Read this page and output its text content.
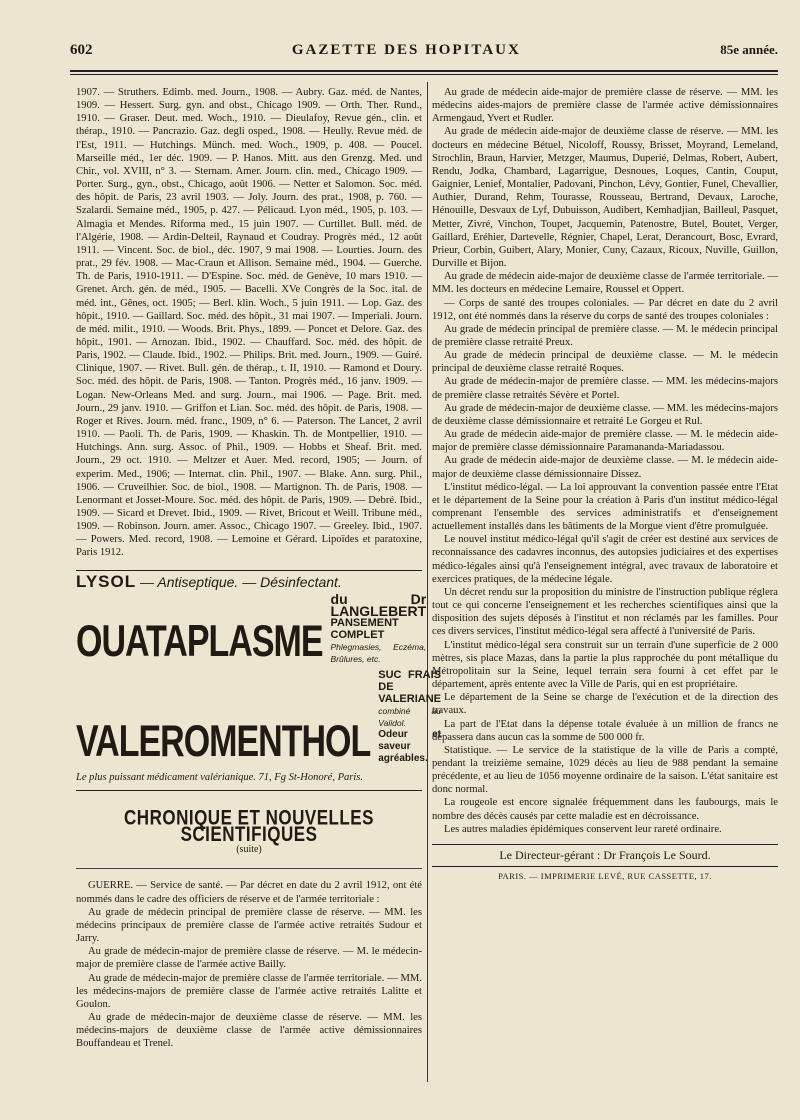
602	GAZETTE DES HOPITAUX	85e année.

1907. — Struthers. Edimb. med. Journ., 1908. — Aubry. Gaz. méd. de Nantes, 1909. — Hessert. Surg. gyn. and obst., Chicago 1909. — Orth. Ther. Rund., 1910. — Graser. Deut. med. Woch., 1910. — Dieulafoy, Revue gén., clin. et thérap., 1910. — Pancrazio. Gaz. degli osped., 1908. — Heully. Revue méd. de l'Est, 1911. — Hutchings. Münch. med. Woch., 1909, p. 408. — Poucel. Marseille méd., 1er déc. 1909. — P. Hanos. Mitt. aus den Grenzg. Med. und Chir., vol. XVIII, n° 3. — Sternam. Amer. Journ. clin. med., Chicago 1909. — Porter. Surg., gyn., obst., Chicago, août 1906. — Netter et Salomon. Soc. méd. des hôpit. de Paris, 23 avril 1903. — Joly. Journ. des prat., 1908, p. 760. — Szalardi. Semaine méd., 1905, p. 427. — Pélicaud. Lyon méd., 1905, p. 103. — Almagia et Mendes. Riforma med., 15 juin 1907. — Curtillet. Bull. méd. de l'Algérie, 1908. — Ardin-Delteil, Raynaud et Coudray. Progrès méd., 12 août 1911. — Vincent. Soc. de biol., déc. 1907, 9 mai 1908. — Lourties. Journ. des prat., 29 fév. 1908. — Mac-Craun et Allison. Semaine méd., 1904. — Guerche. Th. de Paris, 1910-1911. — D'Espine. Soc. méd. de Genève, 10 mars 1910. — Grenet. Arch. gén. de méd., 1905. — Bacelli. XVe Congrès de la Soc. ital. de méd. int., Gênes, oct. 1905; — Berl. klin. Woch., 5 juin 1911. — Lop. Gaz. des hôpit., 1910. — Gaillard. Soc. méd. des hôpit., 31 mai 1907. — Imperiali. Journ. de méd. milit., 1910. — Woods. Brit. Phys., 1899. — Poncet et Delore. Gaz. des hôpit., 1901. — Arnozan. Ibid., 1902. — Chauffard. Soc. méd. des hôpit. de Paris, 1902. — Claude. Ibid., 1902. — Philips. Brit. med. Journ., 1909. — Guiré. Clinique, 1907. — Rivet. Bull. gén. de thérap., t. II, 1910. — Ramond et Doury. Soc. méd. des hôpit. de Paris, 1908. — Tanton. Progrès méd., 16 janv. 1909. — Logan. New-Orleans Med. and surg. Journ., mai 1906. — Page. Brit. med. Journ., 29 janv. 1910. — Griffon et Lian. Soc. méd. des hôpit. de Paris, 1908. — Roger et Rives. Journ. méd. franc., 1909, n° 6. — Paterson. The Lancet, 2 avril 1910. — Paoli. Th. de Paris, 1909. — Khaskin. Th. de Montpellier, 1910. — Hutchings. Ann. surg. Assoc. of Phil., 1909. — Hobbs et Sheaf. Brit. med. Journ., 29 oct. 1910. — Meltzer et Auer. Med. record, 1905; — Journ. of experim. Med., 1906; — Internat. clin. Phil., 1907. — Blake. Ann. surg. Phil., 1906. — Cruveilhier. Soc. de biol., 1908. — Martignon. Th. de Paris, 1908. — Lenormant et Josset-Moure. Soc. méd. des hôpit. de Paris, 1909. — Debré. Ibid., 1909. — Sicard et Drevet. Ibid., 1909. — Rivet, Bricout et Weill. Tribune méd., 1909. — Robinson. Journ. amer. Assoc., Chicago 1907. — Greeley. Ibid., 1907. — Powers. Med. record, 1908. — Lemoine et Gérard. Lipoïdes et paratoxine, Paris 1912.

LYSOL — Antiseptique. — Désinfectant.
OUATAPLASME
du Dr LANGLEBERT
PANSEMENT COMPLET
Phlegmasies, Eczéma, Brûlures, etc.
VALEROMENTHOL
SUC FRAIS DE VALERIANE
combiné au Validol.
Odeur et saveur agréables.
Le plus puissant médicament valérianique. 71, Fg St-Honoré, Paris.
CHRONIQUE ET NOUVELLES SCIENTIFIQUES
(suite)

GUERRE. — Service de santé. — Par décret en date du 2 avril 1912, ont été nommés dans le cadre des officiers de réserve et de l'armée territoriale :

Au grade de médecin principal de première classe de réserve. — MM. les médecins principaux de première classe de l'armée active retraités Sudour et Jarry.

Au grade de médecin-major de première classe de réserve. — M. le médecin-major de première classe de l'armée active Bailly.

Au grade de médecin-major de première classe de l'armée territoriale. — MM. les médecins-majors de première classe de l'armée active retraités Lalitte et Goulon.

Au grade de médecin-major de deuxième classe de réserve. — MM. les médecins-majors de deuxième classe de l'armée active démissionnaires Bouffandeau et Trenel.

Au grade de médecin aide-major de première classe de réserve. — MM. les médecins aides-majors de première classe de l'armée active démissionnaires Armengaud, Yvert et Rudler.

Au grade de médecin aide-major de deuxième classe de réserve. — MM. les docteurs en médecine Bétuel, Nicoloff, Roussy, Brisset, Moyrand, Lemeland, Strochlin, Braun, Harvier, Metzger, Maumus, Duperié, Delmas, Robert, Aubert, Rendu, Jodka, Chambard, Lagarrigue, Desnoues, Loques, Cantin, Couput, Gaignier, Lenief, Montalier, Padovani, Pinchon, Lévy, Gontier, Funel, Chevallier, Authier, Durand, Rehm, Tourasse, Rousseau, Bertrand, Devaux, Laroche, Hénouille, Desvaux de Lyf, Dubuisson, Audibert, Kemhadjian, Bailleul, Pasquet, Metter, Zivré, Vinchon, Toupet, Jacquemin, Patenostre, Butel, Boutet, Verger, Gaillard, Eréhier, Dartevelle, Régnier, Chapel, Lerat, Derancourt, Bosc, Evrard, Prieur, Corbin, Guibert, Alary, Monier, Cuny, Cazaux, Ricoux, Nuville, Guillon, Durville et Bijon.

Au grade de médecin aide-major de deuxième classe de l'armée territoriale. — MM. les docteurs en médecine Lemaire, Roussel et Oppert.

— Corps de santé des troupes coloniales. — Par décret en date du 2 avril 1912, ont été nommés dans la réserve du corps de santé des troupes coloniales :

Au grade de médecin principal de première classe. — M. le médecin principal de première classe retraité Preux.

Au grade de médecin principal de deuxième classe. — M. le médecin principal de deuxième classe retraité Roques.

Au grade de médecin-major de première classe. — MM. les médecins-majors de première classe retraités Sévère et Portel.

Au grade de médecin-major de deuxième classe. — MM. les médecins-majors de deuxième classe démissionnaire et retraité Le Gorgeu et Rul.

Au grade de médecin aide-major de première classe. — M. le médecin aide-major de première classe démissionnaire Paramananda-Mariadassou.

Au grade de médecin aide-major de deuxième classe. — M. le médecin aide-major de deuxième classe démissionnaire Dissez.

L'institut médico-légal. — La loi approuvant la convention passée entre l'Etat et le département de la Seine pour la création à Paris d'un institut médico-légal comprenant l'ensemble des services administratifs et d'enseignement actuellement installés dans les bâtiments de la Morgue vient d'être promulguée.

Le nouvel institut médico-légal qu'il s'agit de créer est destiné aux services de reconnaissance des cadavres inconnus, des autopsies judiciaires et des expertises médico-légales ainsi qu'à l'enseignement intégral, avec travaux de laboratoire et exercices pratiques, de la médecine légale.

Un décret rendu sur la proposition du ministre de l'instruction publique réglera tout ce qui concerne l'enseignement et les recherches scientifiques ainsi que la disposition des sujets déposés à l'institut et non réclamés par les familles. Pour ces divers services, l'institut médico-légal sera affecté à l'université de Paris.

L'institut médico-légal sera construit sur un terrain d'une superficie de 2 000 mètres, sis place Mazas, dans la partie la plus rapprochée du pont métallique du Métropolitain sur la Seine, lequel terrain sera fourni à cet effet par le département, après entente avec la Ville de Paris, qui en est propriétaire.

Le département de la Seine se charge de l'exécution et de la direction des travaux.

La part de l'Etat dans la dépense totale évaluée à un million de francs ne dépassera dans aucun cas la somme de 500 000 fr.

Statistique. — Le service de la statistique de la ville de Paris a compté, pendant la treizième semaine, 1029 décès au lieu de 988 pendant la semaine précédente, et au lieu de 1056 moyenne ordinaire de la saison. L'état sanitaire est donc normal.

La rougeole est encore signalée fréquemment dans les faubourgs, mais le nombre des décès causés par cette maladie est en décroissance.

Les autres maladies épidémiques conservent leur rareté ordinaire.

Le Directeur-gérant : Dr François Le Sourd.
PARIS. — IMPRIMERIE LEVÉ, RUE CASSETTE, 17.
